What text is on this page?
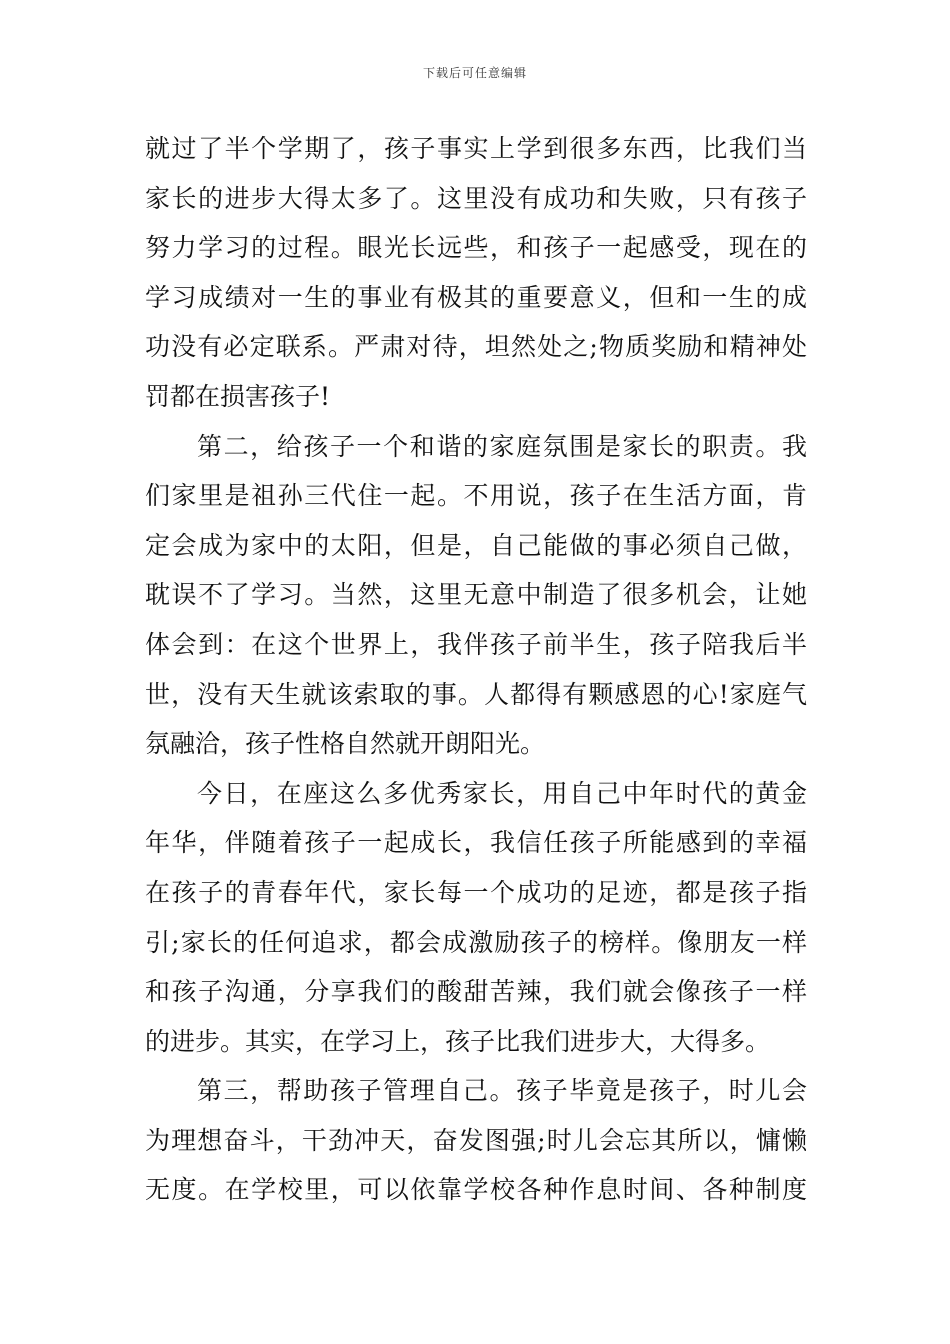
下载后可任意编辑
就过了半个学期了，孩子事实上学到很多东西，比我们当
家长的进步大得太多了。这里没有成功和失败，只有孩子
努力学习的过程。眼光长远些，和孩子一起感受，现在的
学习成绩对一生的事业有极其的重要意义，但和一生的成
功没有必定联系。严肃对待，坦然处之;物质奖励和精神处
罚都在损害孩子!
第二，给孩子一个和谐的家庭氛围是家长的职责。我
们家里是祖孙三代住一起。不用说，孩子在生活方面，肯
定会成为家中的太阳，但是，自己能做的事必须自己做，
耽误不了学习。当然，这里无意中制造了很多机会，让她
体会到：在这个世界上，我伴孩子前半生，孩子陪我后半
世，没有天生就该索取的事。人都得有颗感恩的心!家庭气
氛融洽，孩子性格自然就开朗阳光。
今日，在座这么多优秀家长，用自己中年时代的黄金
年华，伴随着孩子一起成长，我信任孩子所能感到的幸福
在孩子的青春年代，家长每一个成功的足迹，都是孩子指
引;家长的任何追求，都会成激励孩子的榜样。像朋友一样
和孩子沟通，分享我们的酸甜苦辣，我们就会像孩子一样
的进步。其实，在学习上，孩子比我们进步大，大得多。
第三，帮助孩子管理自己。孩子毕竟是孩子，时儿会
为理想奋斗，干劲冲天，奋发图强;时儿会忘其所以，慵懒
无度。在学校里，可以依靠学校各种作息时间、各种制度
